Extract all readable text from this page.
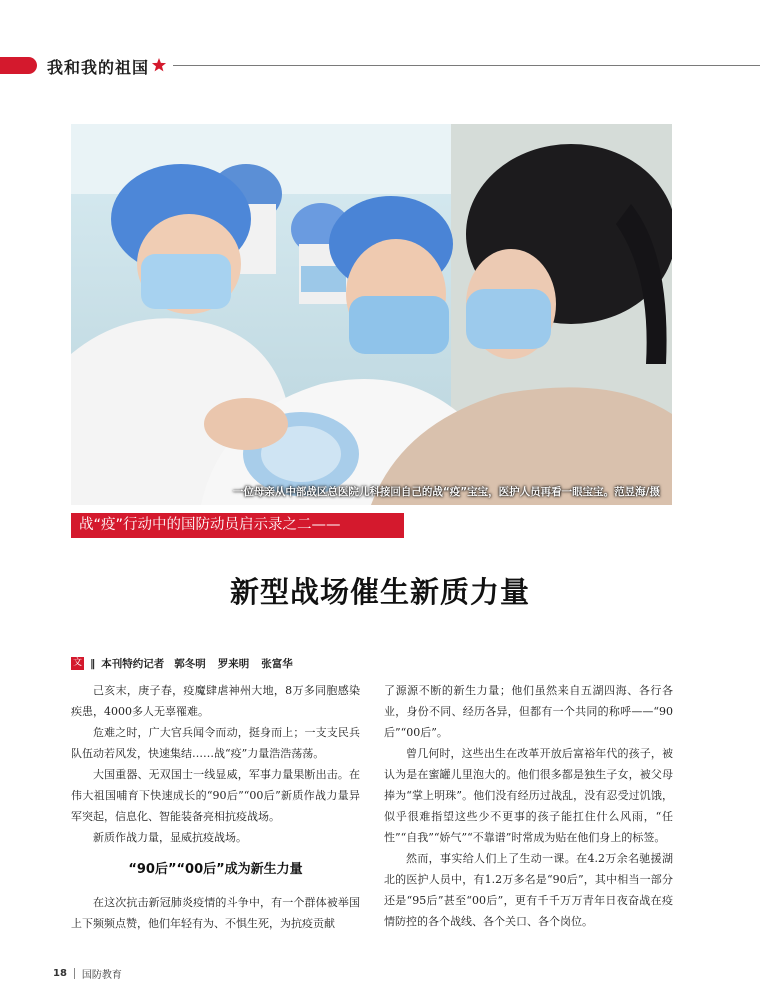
我和我的祖国
一位母亲从中部战区总医院儿科接回自己的战“疫”宝宝，医护人员再看一眼宝宝。范昱海/摄
战“疫”行动中的国防动员启示录之二——
新型战场催生新质力量
文 ‖ 本刊特约记者 郭冬明 罗来明 张富华

己亥末，庚子春，疫魔肆虐神州大地，8万多同胞感染疾患，4000多人无辜罹难。

危难之时，广大官兵闻令而动，挺身而上；一支支民兵队伍动若风发，快速集结……战“疫”力量浩浩荡荡。

大国重器、无双国士一线显威，军事力量果断出击。在伟大祖国哺育下快速成长的“90后”“00后”新质作战力量异军突起，信息化、智能装备亮相抗疫战场。

新质作战力量，显威抗疫战场。

“90后”“00后”成为新生力量

在这次抗击新冠肺炎疫情的斗争中，有一个群体被举国上下频频点赞，他们年轻有为、不惧生死，为抗疫贡献

了源源不断的新生力量；他们虽然来自五湖四海、各行各业，身份不同、经历各异，但都有一个共同的称呼——“90后”“00后”。

曾几何时，这些出生在改革开放后富裕年代的孩子，被认为是在蜜罐儿里泡大的。他们很多都是独生子女，被父母捧为“掌上明珠”。他们没有经历过战乱，没有忍受过饥饿，似乎很难指望这些少不更事的孩子能扛住什么风雨，“任性”“自我”“娇气”“不靠谱”时常成为贴在他们身上的标签。

然而，事实给人们上了生动一课。在4.2万余名驰援湖北的医护人员中，有1.2万多名是“90后”，其中相当一部分还是“95后”甚至“00后”，更有千千万万青年日夜奋战在疫情防控的各个战线、各个关口、各个岗位。

18 国防教育
